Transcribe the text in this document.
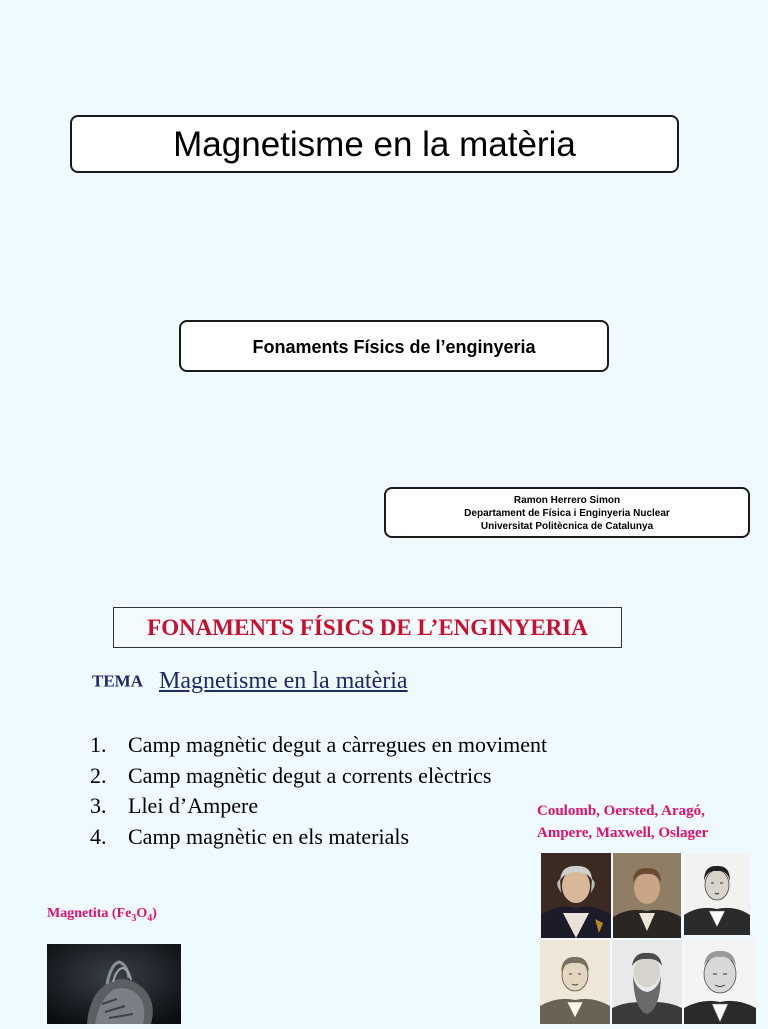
Magnetisme en la matèria
Fonaments Físics de l’enginyeria
Ramon Herrero Simon
Departament de Física i Enginyeria Nuclear
Universitat Politècnica de Catalunya
FONAMENTS FÍSICS DE L’ENGINYERIA
TEMA Magnetisme en la matèria
1. Camp magnètic degut a càrregues en moviment
2. Camp magnètic degut a corrents elèctrics
3. Llei d’Ampere
4. Camp magnètic en els materials
Coulomb, Oersted, Aragó,
Ampere, Maxwell, Oslager
Magnetita $(Fe_3O_4)$
